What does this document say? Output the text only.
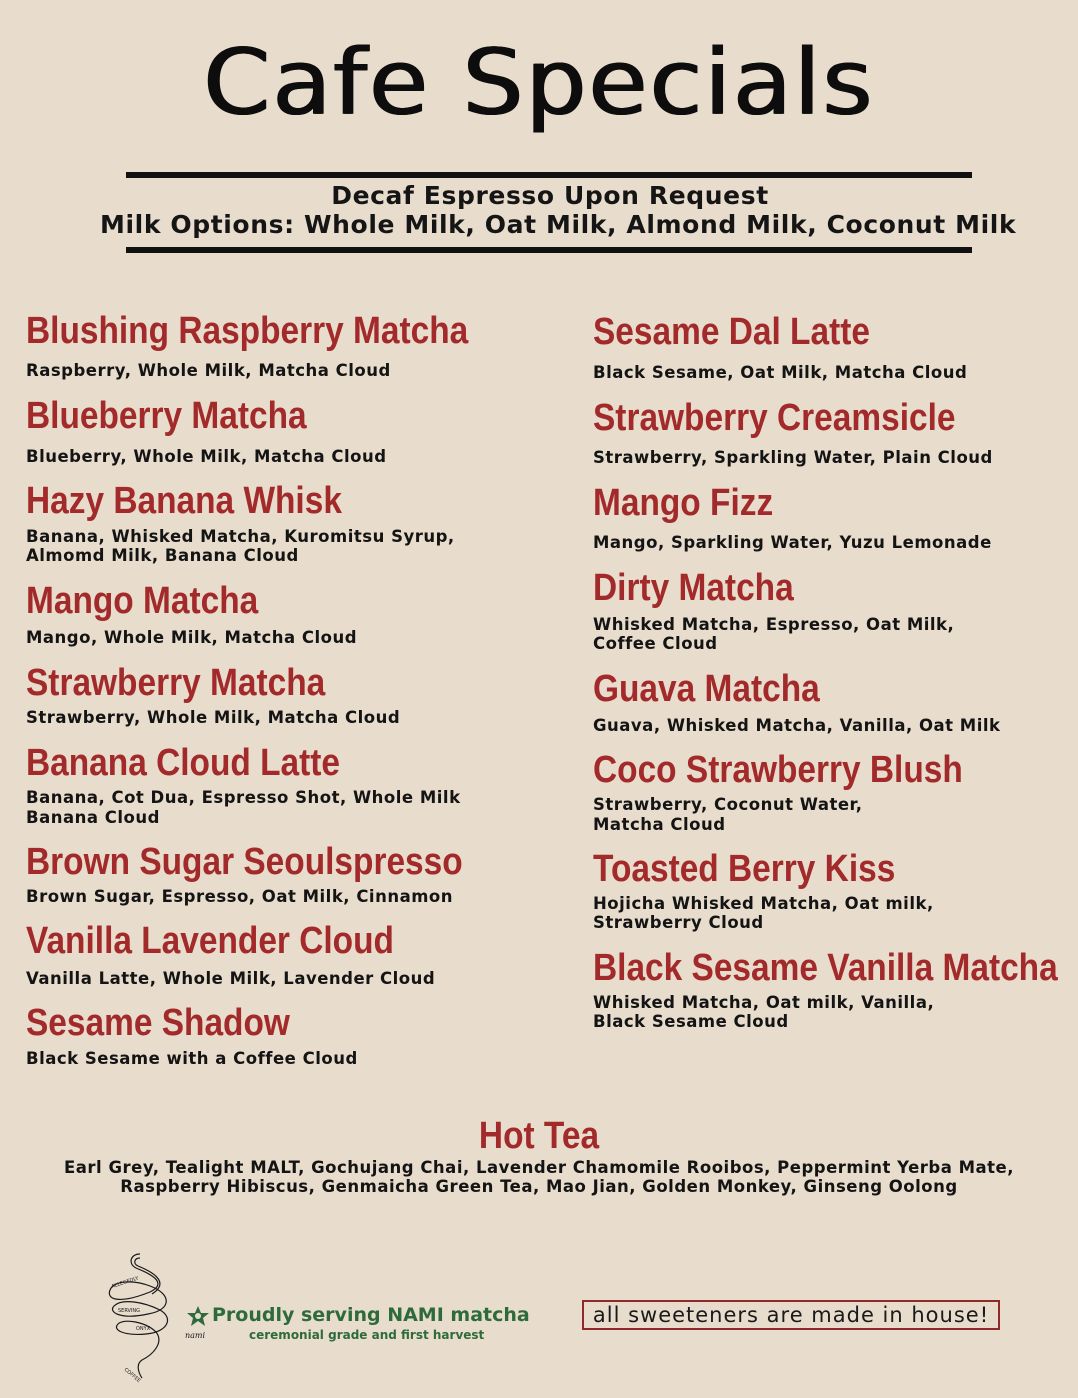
Cafe Specials
Decaf Espresso Upon Request
Milk Options: Whole Milk, Oat Milk, Almond Milk, Coconut Milk
Blushing Raspberry Matcha
Raspberry, Whole Milk, Matcha Cloud
Blueberry Matcha
Blueberry, Whole Milk, Matcha Cloud
Hazy Banana Whisk
Banana, Whisked Matcha, Kuromitsu Syrup,
Almomd Milk, Banana Cloud
Mango Matcha
Mango, Whole Milk, Matcha Cloud
Strawberry Matcha
Strawberry, Whole Milk, Matcha Cloud
Banana Cloud Latte
Banana, Cot Dua, Espresso Shot, Whole Milk
Banana Cloud
Brown Sugar Seoulspresso
Brown Sugar, Espresso, Oat Milk, Cinnamon
Vanilla Lavender Cloud
Vanilla Latte, Whole Milk, Lavender Cloud
Sesame Shadow
Black Sesame with a Coffee Cloud
Sesame Dal Latte
Black Sesame, Oat Milk, Matcha Cloud
Strawberry Creamsicle
Strawberry, Sparkling Water, Plain Cloud
Mango Fizz
Mango, Sparkling Water, Yuzu Lemonade
Dirty Matcha
Whisked Matcha, Espresso, Oat Milk,
Coffee Cloud
Guava Matcha
Guava, Whisked Matcha, Vanilla, Oat Milk
Coco Strawberry Blush
Strawberry, Coconut Water,
Matcha Cloud
Toasted Berry Kiss
Hojicha Whisked Matcha, Oat milk,
Strawberry Cloud
Black Sesame Vanilla Matcha
Whisked Matcha, Oat milk, Vanilla,
Black Sesame Cloud
Hot Tea
Earl Grey, Tealight MALT, Gochujang Chai, Lavender Chamomile Rooibos, Peppermint Yerba Mate,
Raspberry Hibiscus, Genmaicha Green Tea, Mao Jian, Golden Monkey, Ginseng Oolong
ALLEGEDLY
SERVING
ONYX
COFFEE
nami
Proudly serving NAMI matcha
ceremonial grade and first harvest
all sweeteners are made in house!
